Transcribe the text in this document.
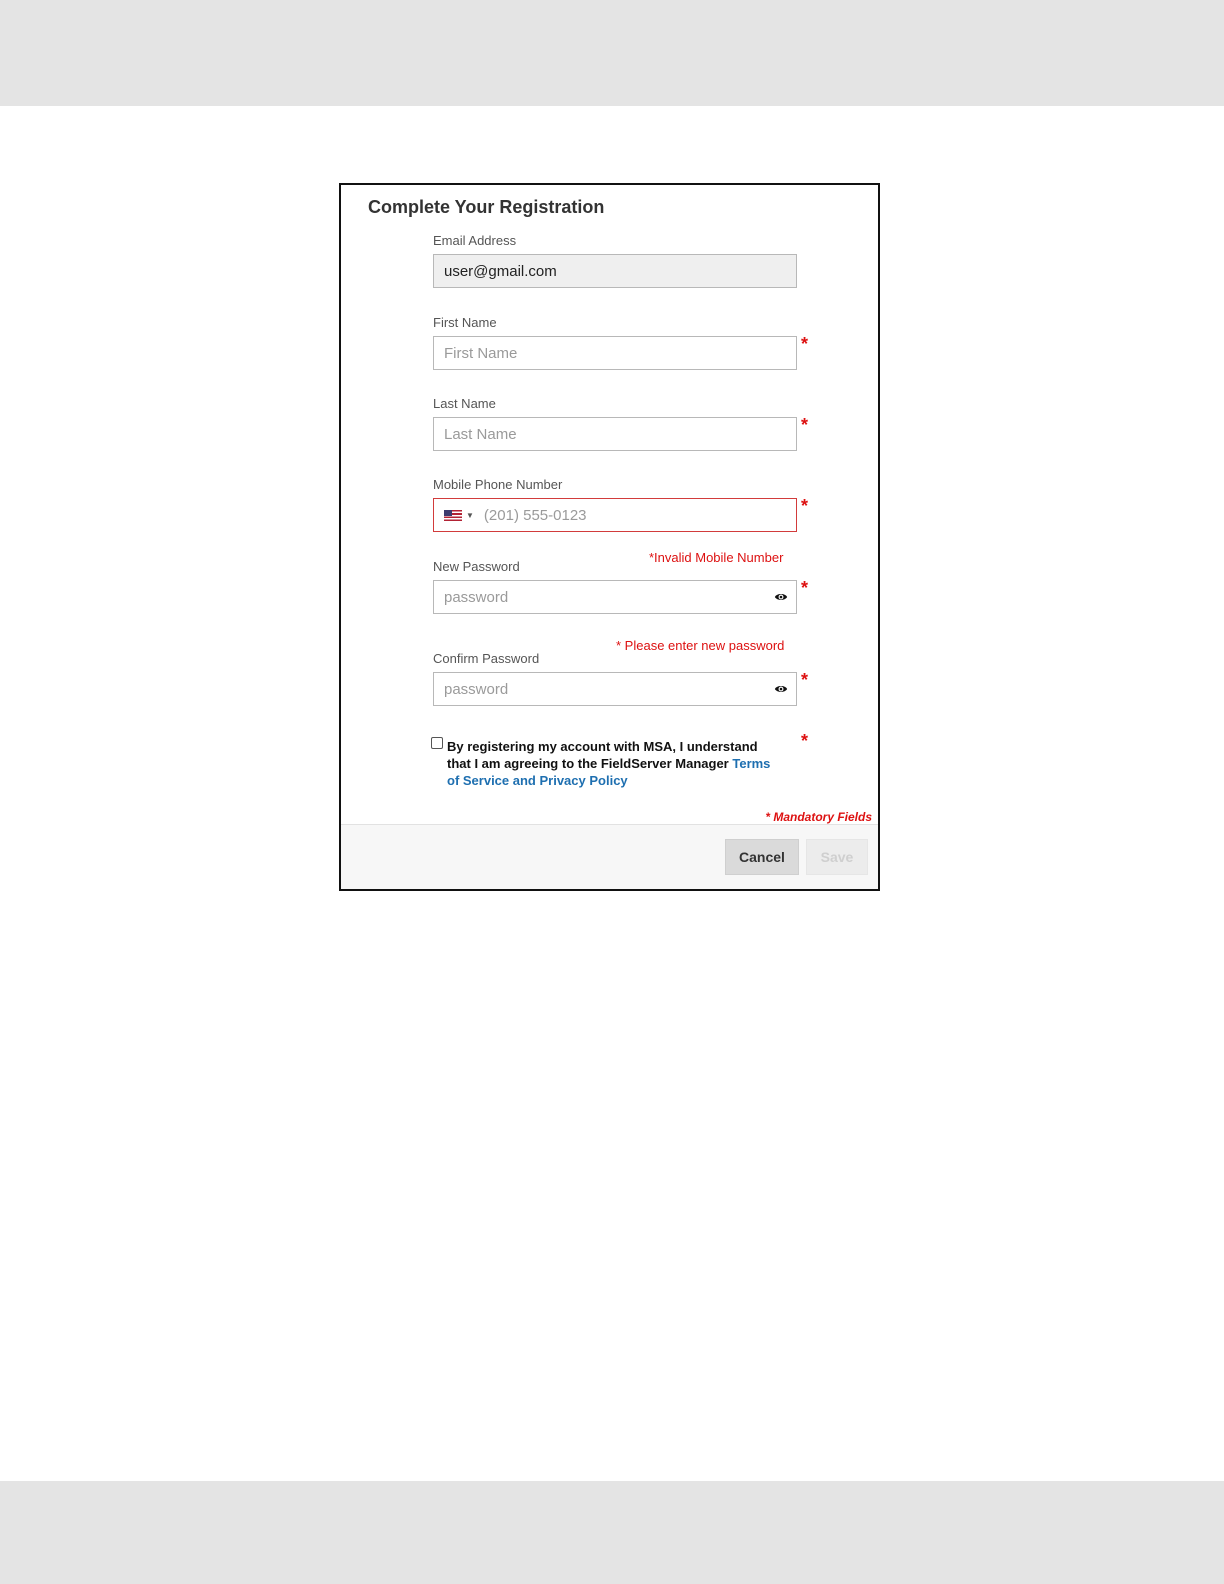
Complete Your Registration
Email Address
user@gmail.com
First Name
First Name	*
Last Name
Last Name	*
Mobile Phone Number
▼ (201) 555-0123	*
*Invalid Mobile Number
New Password
password	*
* Please enter new password
Confirm Password
password	*
By registering my account with MSA, I understand that I am agreeing to the FieldServer Manager Terms of Service and Privacy Policy
*
* Mandatory Fields
Cancel	Save
